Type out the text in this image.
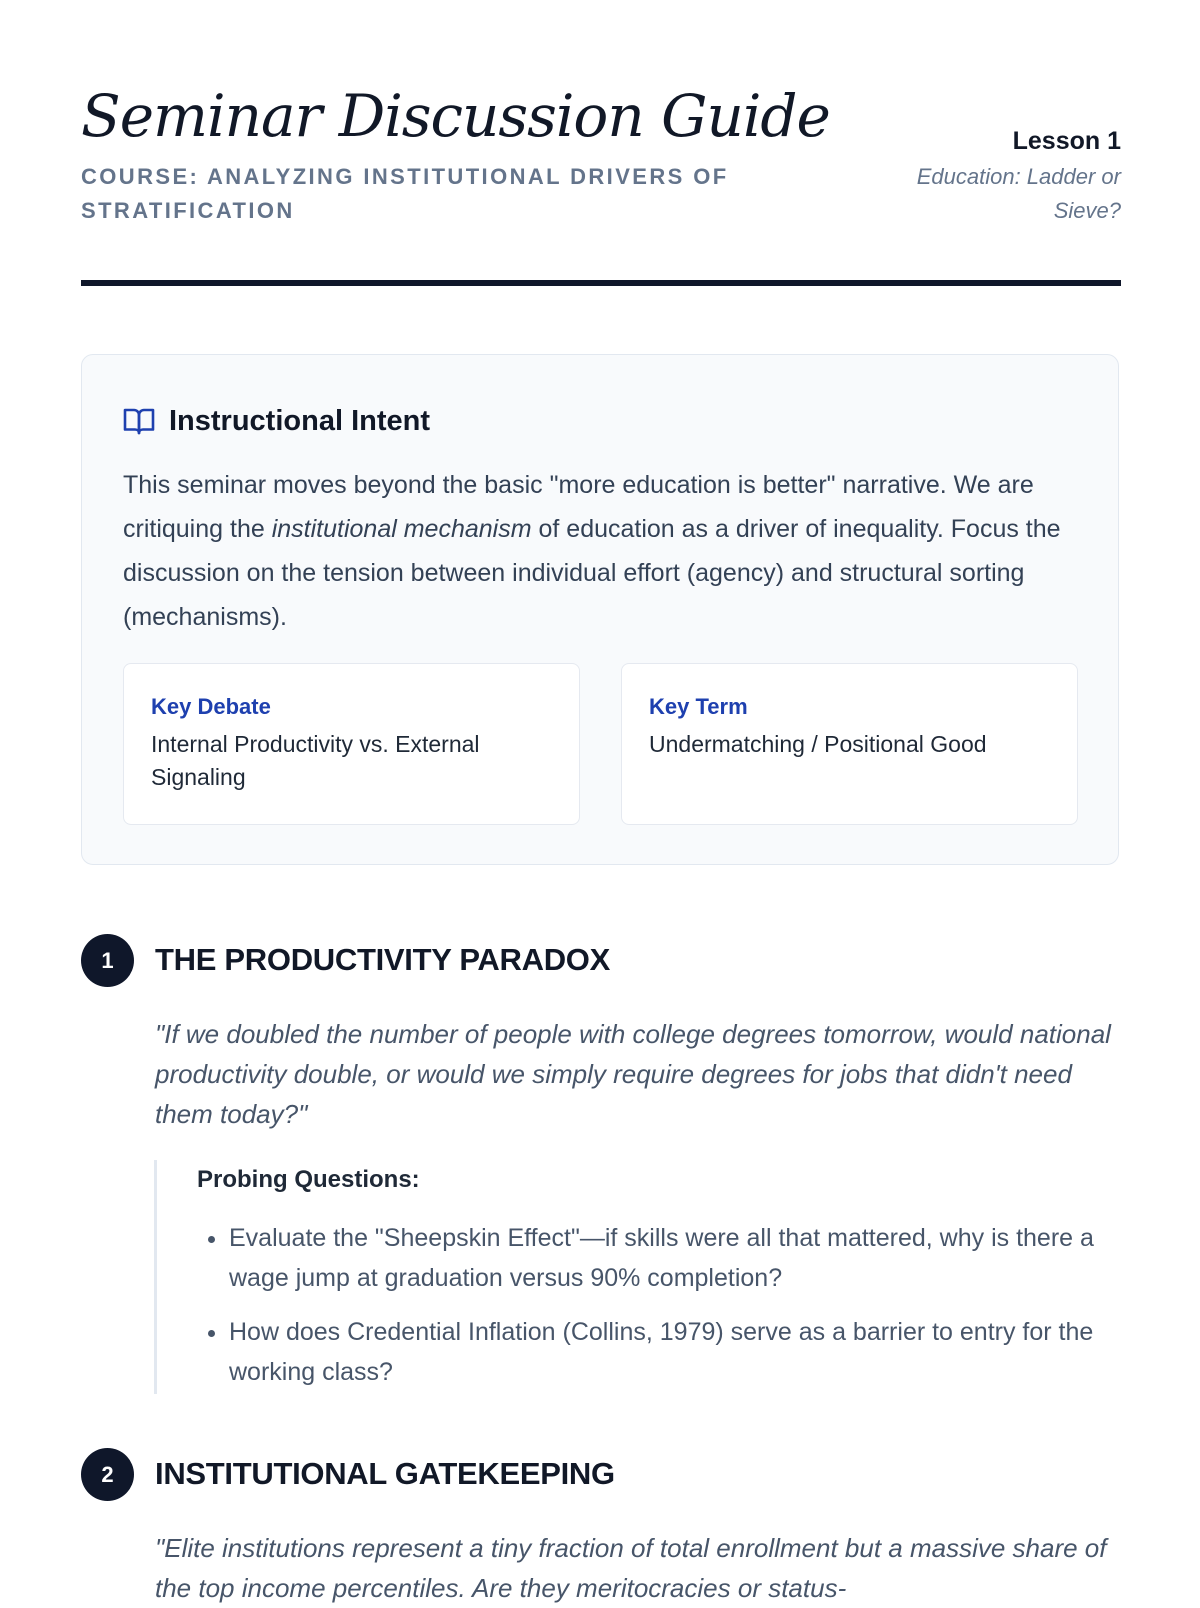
Seminar Discussion Guide
COURSE: ANALYZING INSTITUTIONAL DRIVERS OF STRATIFICATION
Lesson 1
Education: Ladder or Sieve?
Instructional Intent

This seminar moves beyond the basic "more education is better" narrative. We are critiquing the institutional mechanism of education as a driver of inequality. Focus the discussion on the tension between individual effort (agency) and structural sorting (mechanisms).

Key Debate
Internal Productivity vs. External Signaling
Key Term
Undermatching / Positional Good
1	THE PRODUCTIVITY PARADOX

"If we doubled the number of people with college degrees tomorrow, would national productivity double, or would we simply require degrees for jobs that didn't need them today?"

Probing Questions:
• Evaluate the "Sheepskin Effect"—if skills were all that mattered, why is there a wage jump at graduation versus 90% completion?
• How does Credential Inflation (Collins, 1979) serve as a barrier to entry for the working class?
2	INSTITUTIONAL GATEKEEPING

"Elite institutions represent a tiny fraction of total enrollment but a massive share of the top income percentiles. Are they meritocracies or status-
